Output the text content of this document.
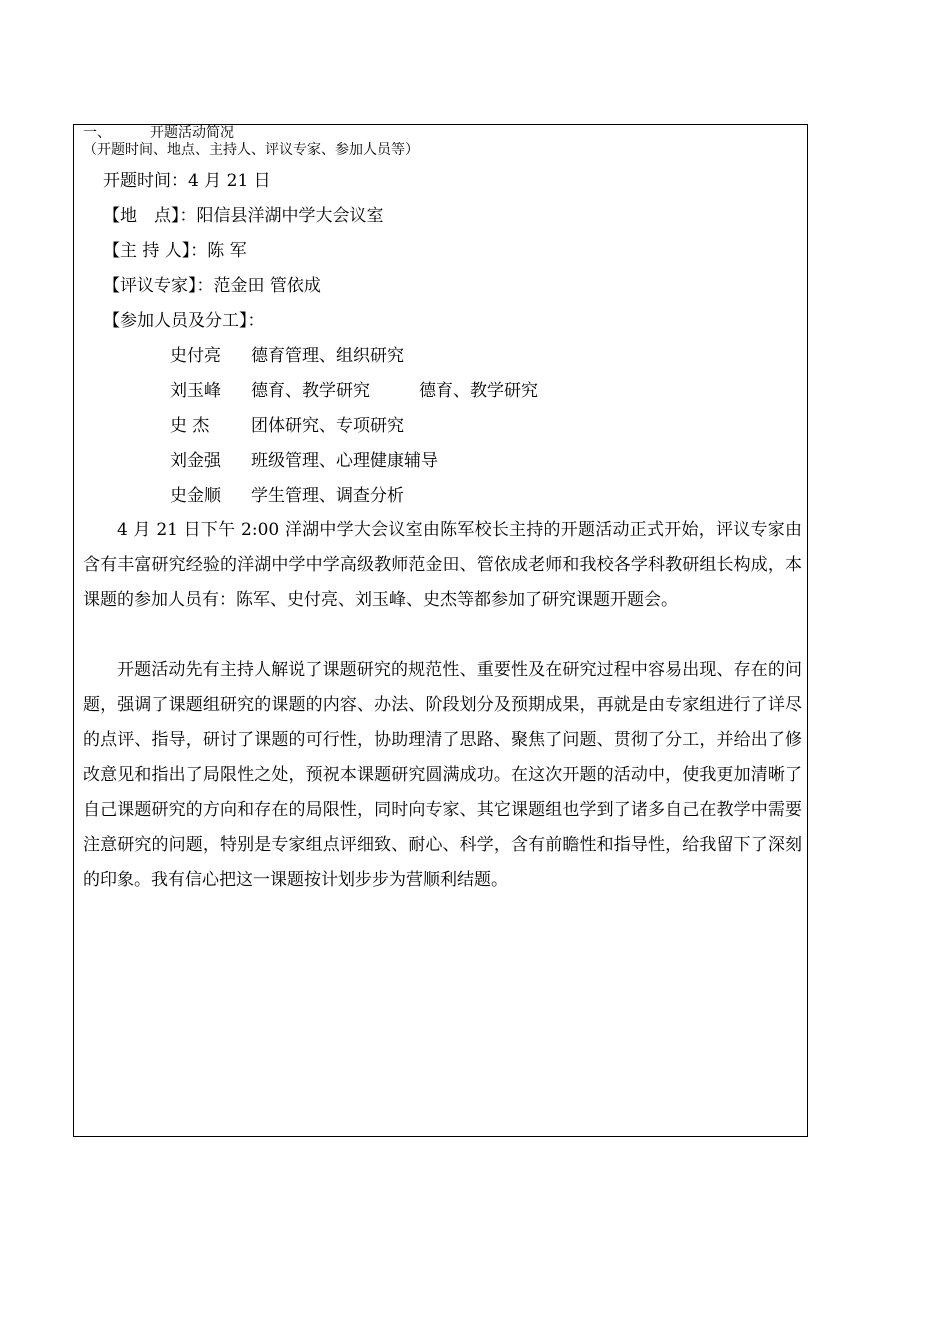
一、	开题活动简况
（开题时间、地点、主持人、评议专家、参加人员等）
开题时间：4 月 21 日
【地　点】：阳信县洋湖中学大会议室
【主 持 人】：陈 军
【评议专家】：范金田 管依成
【参加人员及分工】：
史付亮 德育管理、组织研究
刘玉峰 德育、教学研究	德育、教学研究
史 杰 团体研究、专项研究
刘金强 班级管理、心理健康辅导
史金顺 学生管理、调查分析

4 月 21 日下午 2:00 洋湖中学大会议室由陈军校长主持的开题活动正式开始，评议专家由含有丰富研究经验的洋湖中学中学高级教师范金田、管依成老师和我校各学科教研组长构成，本课题的参加人员有：陈军、史付亮、刘玉峰、史杰等都参加了研究课题开题会。

开题活动先有主持人解说了课题研究的规范性、重要性及在研究过程中容易出现、存在的问题，强调了课题组研究的课题的内容、办法、阶段划分及预期成果，再就是由专家组进行了详尽的点评、指导，研讨了课题的可行性，协助理清了思路、聚焦了问题、贯彻了分工，并给出了修改意见和指出了局限性之处，预祝本课题研究圆满成功。在这次开题的活动中，使我更加清晰了自己课题研究的方向和存在的局限性，同时向专家、其它课题组也学到了诸多自己在教学中需要注意研究的问题，特别是专家组点评细致、耐心、科学，含有前瞻性和指导性，给我留下了深刻的印象。我有信心把这一课题按计划步步为营顺利结题。
